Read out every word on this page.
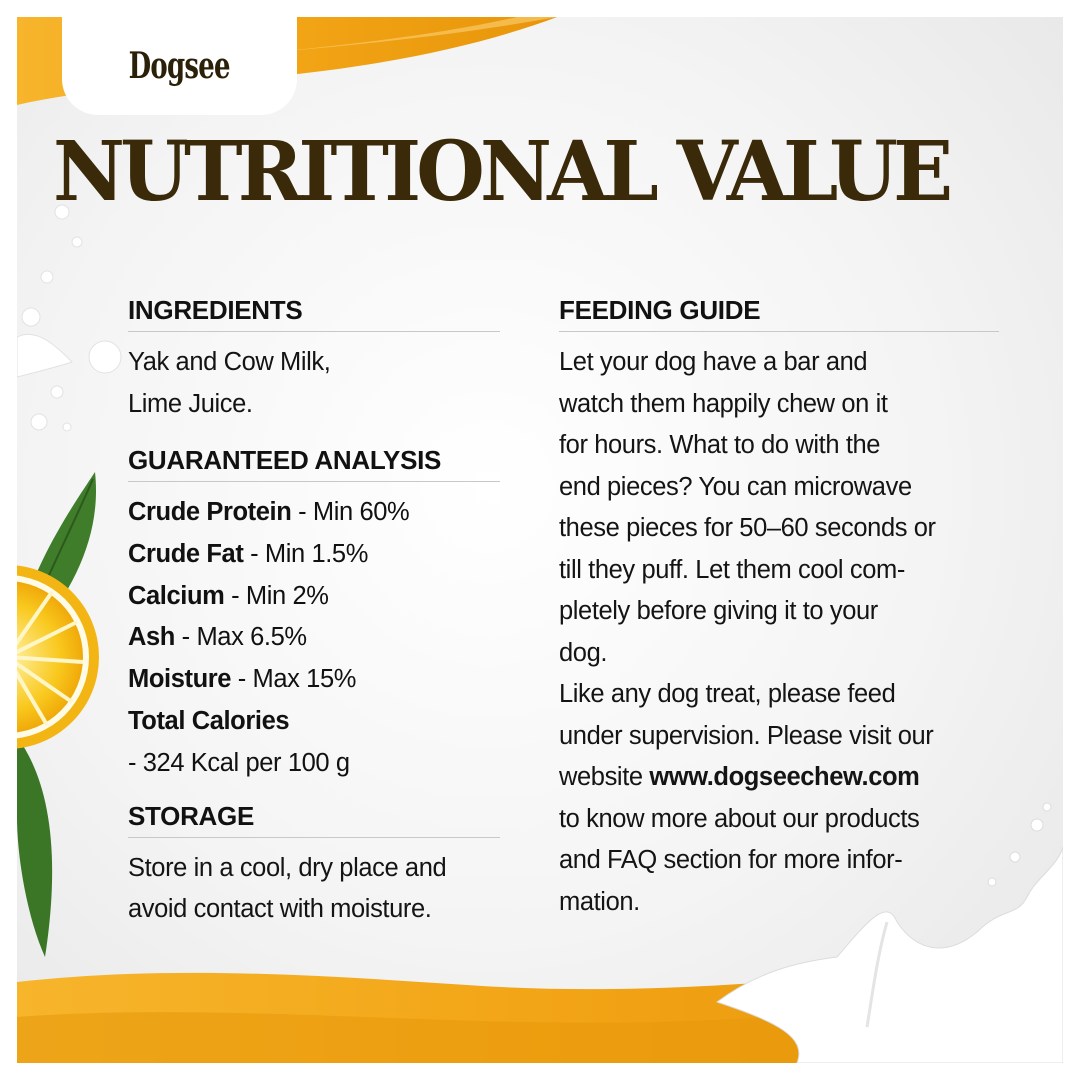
Dogsee
NUTRITIONAL VALUE
INGREDIENTS
Yak and Cow Milk,
Lime Juice.
GUARANTEED ANALYSIS
Crude Protein - Min 60%
Crude Fat - Min 1.5%
Calcium - Min 2%
Ash - Max 6.5%
Moisture - Max 15%
Total Calories
- 324 Kcal per 100 g
STORAGE
Store in a cool, dry place and
avoid contact with moisture.
FEEDING GUIDE
Let your dog have a bar and
watch them happily chew on it
for hours. What to do with the
end pieces? You can microwave
these pieces for 50–60 seconds or
till they puff. Let them cool com-
pletely before giving it to your
dog.
Like any dog treat, please feed
under supervision. Please visit our
website www.dogseechew.com
to know more about our products
and FAQ section for more infor-
mation.
